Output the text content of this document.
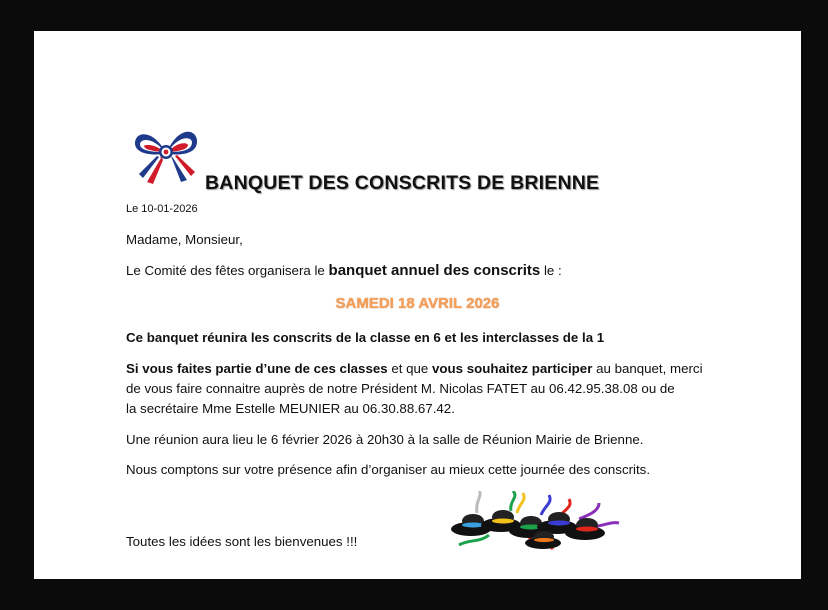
BANQUET DES CONSCRITS DE BRIENNE
Le 10-01-2026
Madame, Monsieur,
Le Comité des fêtes organisera le banquet annuel des conscrits le :
SAMEDI 18 AVRIL 2026
Ce banquet réunira les conscrits de la classe en 6 et les interclasses de la 1
Si vous faites partie d’une de ces classes et que vous souhaitez participer au banquet, merci
de vous faire connaitre auprès de notre Président M. Nicolas FATET au 06.42.95.38.08 ou de
la secrétaire Mme Estelle MEUNIER au 06.30.88.67.42.
Une réunion aura lieu le 6 février 2026 à 20h30 à la salle de Réunion Mairie de Brienne.
Nous comptons sur votre présence afin d’organiser au mieux cette journée des conscrits.
Toutes les idées sont les bienvenues !!!
